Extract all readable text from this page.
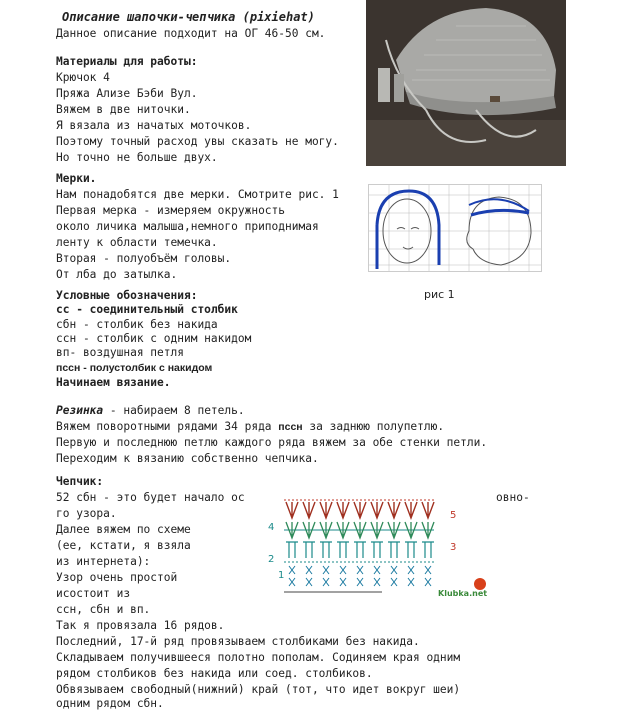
Описание шапочки-чепчика (pixiehat)
Данное описание подходит на ОГ 46-50 см.
Материалы для работы:
Крючок 4
Пряжа Ализе Бэби Вул.
Вяжем в две ниточки.
Я вязала из начатых моточков.
Поэтому точный расход увы сказать не могу.
Но точно не больше двух.
Мерки.
Нам понадобятся две мерки. Смотрите рис. 1
Первая мерка - измеряем окружность
около личика малыша,немного приподнимая
ленту к области темечка.
Вторая - полуобъём головы.
От лба до затылка.
рис 1
Условные обозначения:
сс - соединительный столбик
сбн - столбик без накида
ссн - столбик с одним накидом
вп- воздушная петля
пссн - полустолбик с накидом
Начинаем вязание.
Резинка - набираем 8 петель.
Вяжем поворотными рядами 34 ряда пссн за заднюю полупетлю.
Первую и последнюю петлю каждого ряда вяжем за обе стенки петли.
Переходим к вязанию собственно чепчика.
Чепчик:
52 сбн - это будет начало ос	овно-
го узора.
Далее вяжем по схеме
(ее, кстати, я взяла
из интернета):
Узор очень простой
исостоит из
ссн, сбн и вп.
Так я провязала 16 рядов.
Последний, 17-й ряд провязываем столбиками без накида.
Складываем получившееся полотно пополам. Содиняем края одним
рядом столбиков без накида или соед. столбиков.
Обвязываем свободный(нижний) край (тот, что идет вокруг шеи)
одним рядом сбн.
4
2
5
3
1
Klubka.net
